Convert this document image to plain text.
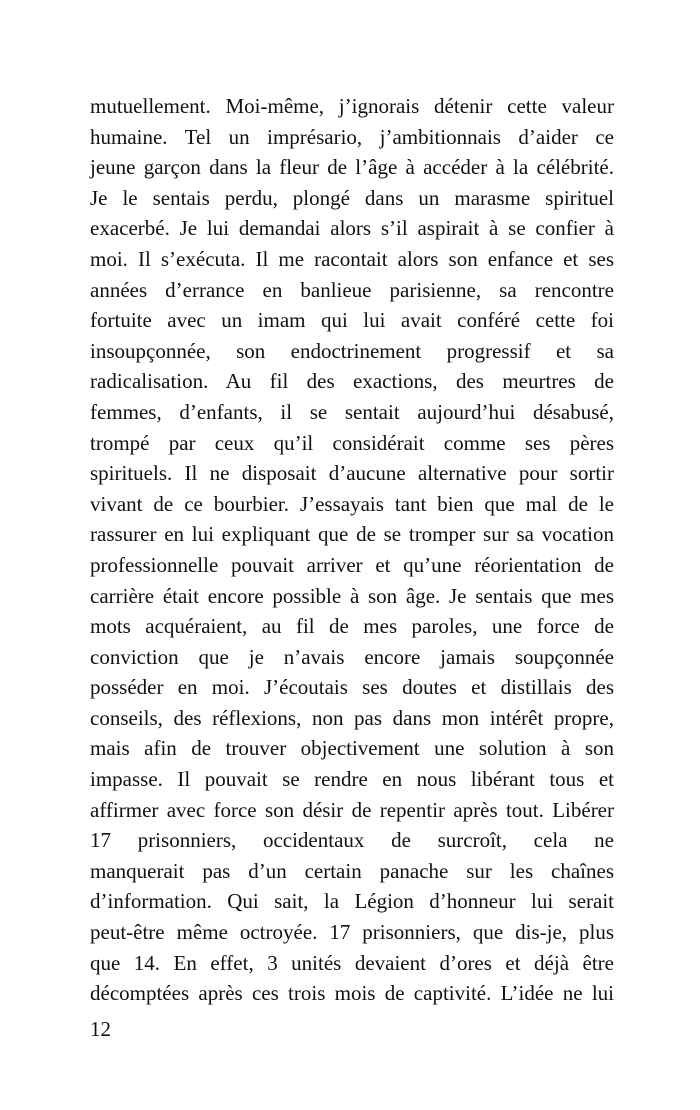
mutuellement. Moi-même, j’ignorais détenir cette valeur
humaine. Tel un imprésario, j’ambitionnais d’aider ce
jeune garçon dans la fleur de l’âge à accéder à la célébrité.
Je le sentais perdu, plongé dans un marasme spirituel
exacerbé. Je lui demandai alors s’il aspirait à se confier à
moi. Il s’exécuta. Il me racontait alors son enfance et ses
années d’errance en banlieue parisienne, sa rencontre
fortuite avec un imam qui lui avait conféré cette foi
insoupçonnée, son endoctrinement progressif et sa
radicalisation. Au fil des exactions, des meurtres de
femmes, d’enfants, il se sentait aujourd’hui désabusé,
trompé par ceux qu’il considérait comme ses pères
spirituels. Il ne disposait d’aucune alternative pour sortir
vivant de ce bourbier. J’essayais tant bien que mal de le
rassurer en lui expliquant que de se tromper sur sa vocation
professionnelle pouvait arriver et qu’une réorientation de
carrière était encore possible à son âge. Je sentais que mes
mots acquéraient, au fil de mes paroles, une force de
conviction que je n’avais encore jamais soupçonnée
posséder en moi. J’écoutais ses doutes et distillais des
conseils, des réflexions, non pas dans mon intérêt propre,
mais afin de trouver objectivement une solution à son
impasse. Il pouvait se rendre en nous libérant tous et
affirmer avec force son désir de repentir après tout. Libérer
17 prisonniers, occidentaux de surcroît, cela ne
manquerait pas d’un certain panache sur les chaînes
d’information. Qui sait, la Légion d’honneur lui serait
peut-être même octroyée. 17 prisonniers, que dis-je, plus
que 14. En effet, 3 unités devaient d’ores et déjà être
décomptées après ces trois mois de captivité. L’idée ne lui
12
